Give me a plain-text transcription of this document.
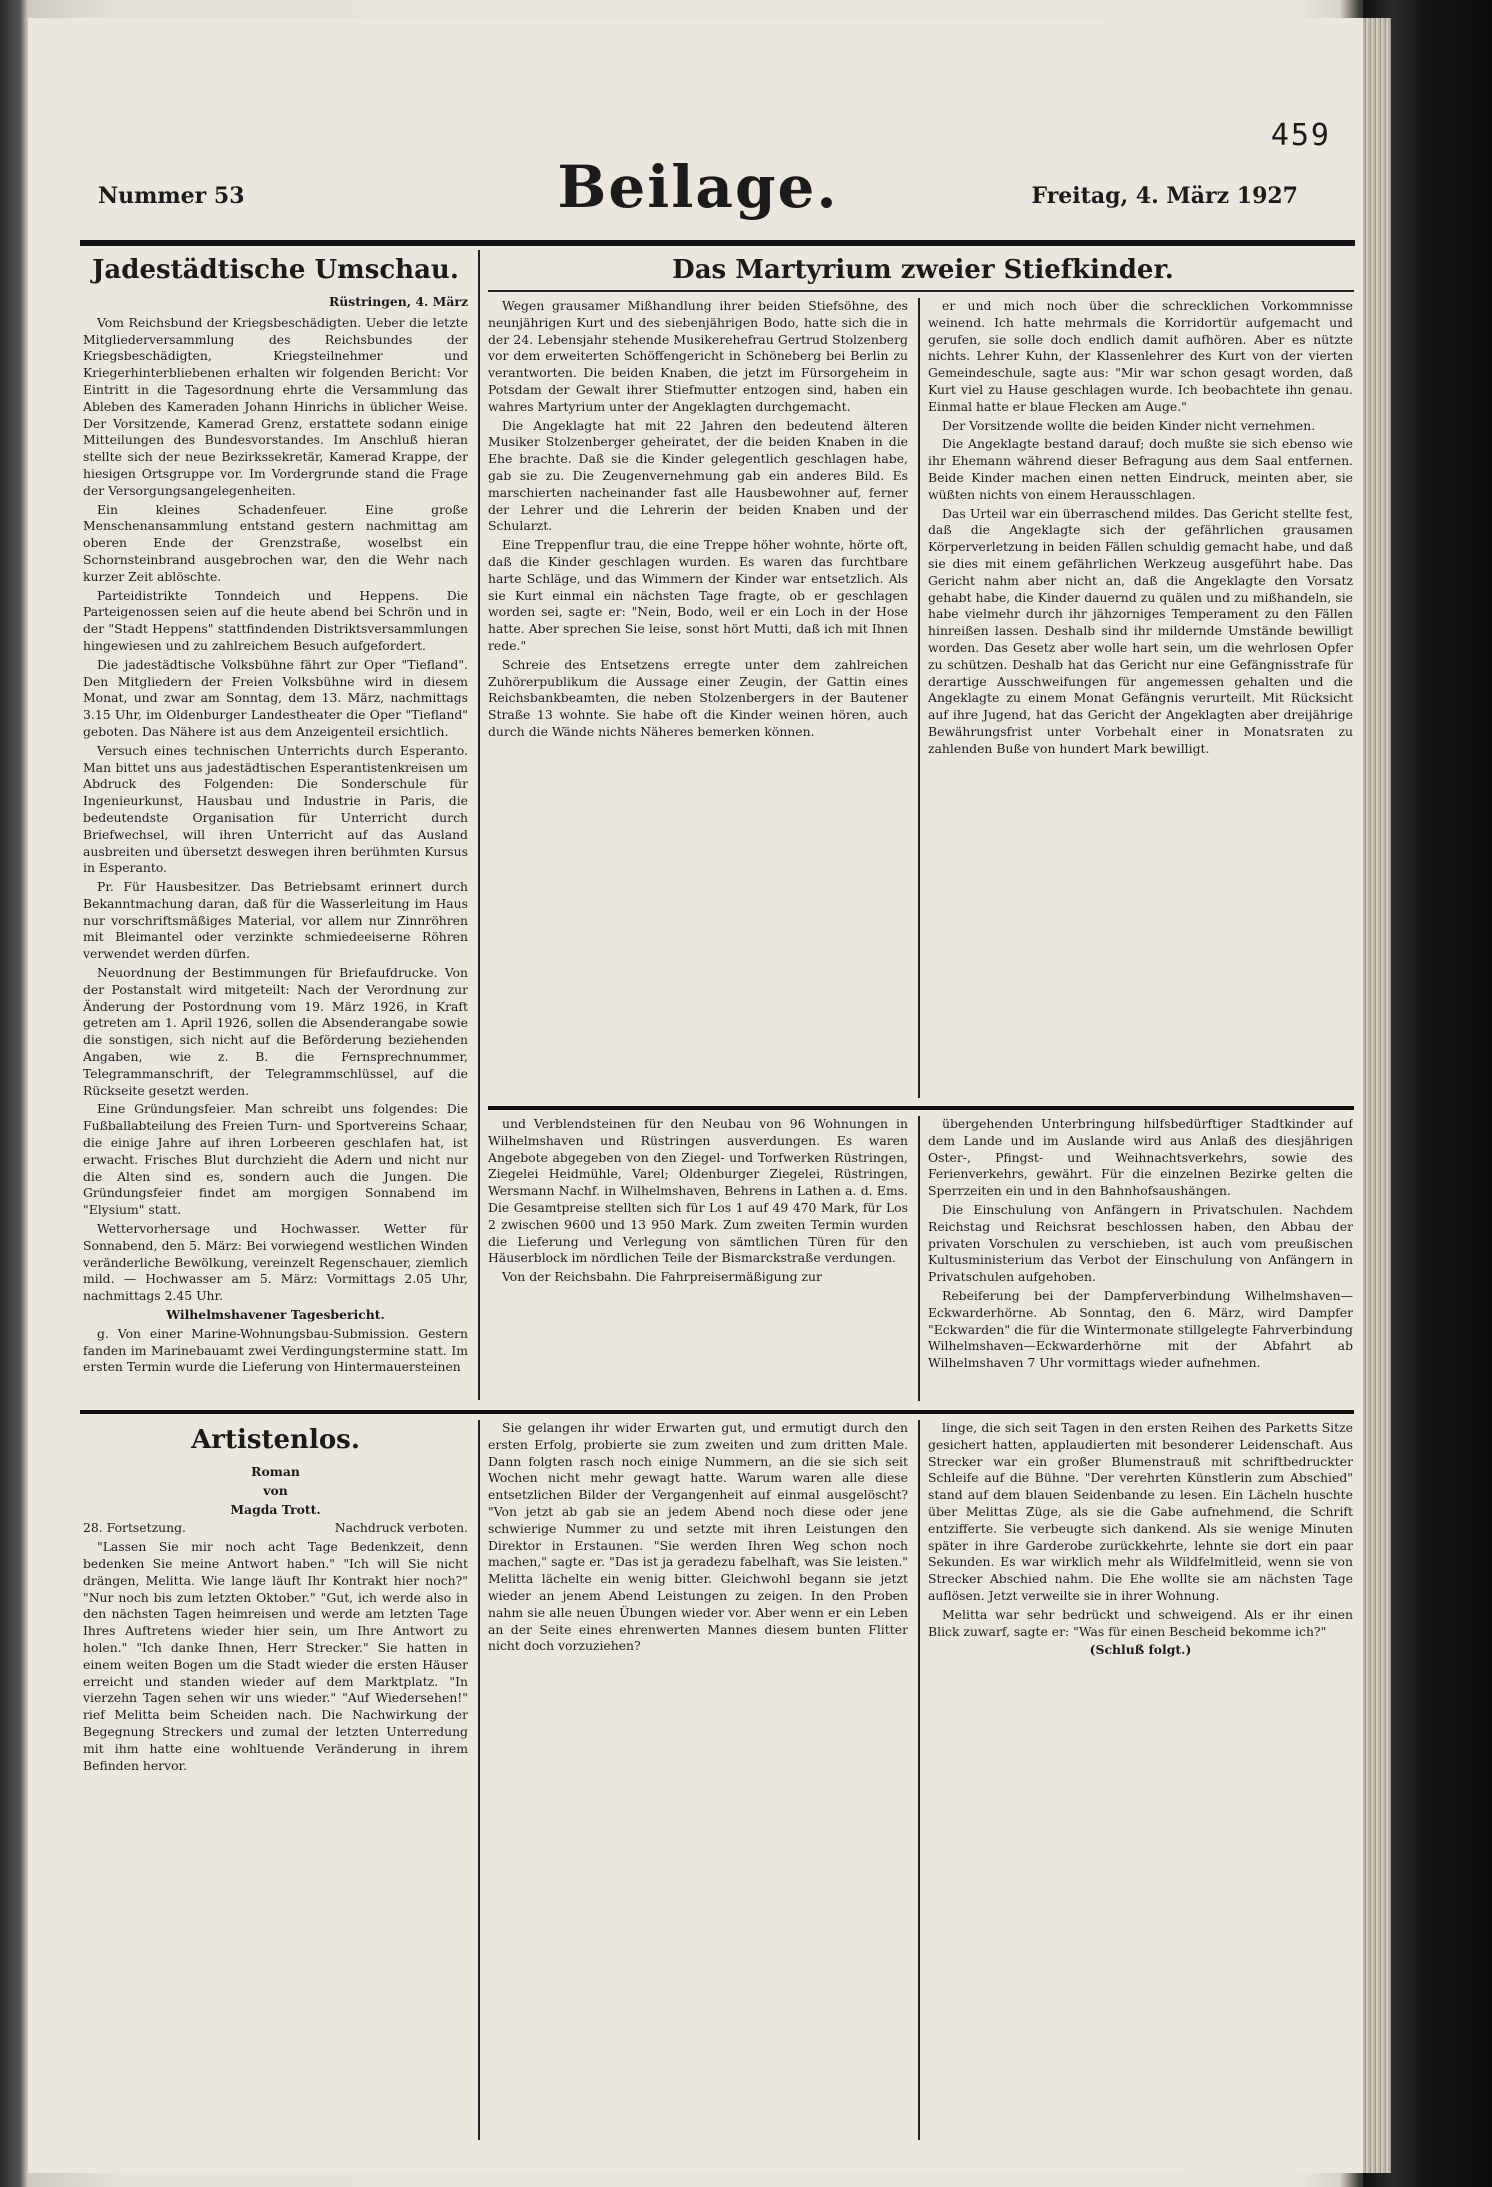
459
Nummer 53	Beilage.	Freitag, 4. März 1927

Jadestädtische Umschau.

Rüstringen, 4. März

Vom Reichsbund der Kriegsbeschädigten. Ueber die letzte Mitgliederversammlung des Reichsbundes der Kriegsbeschädigten, Kriegsteilnehmer und Kriegerhinterbliebenen erhalten wir folgenden Bericht: Vor Eintritt in die Tagesordnung ehrte die Versammlung das Ableben des Kameraden Johann Hinrichs in üblicher Weise. Der Vorsitzende, Kamerad Grenz, erstattete sodann einige Mitteilungen des Bundesvorstandes. Im Anschluß hieran stellte sich der neue Bezirkssekretär, Kamerad Krappe, der hiesigen Ortsgruppe vor. Im Vordergrunde stand die Frage der Versorgungsangelegenheiten.

Ein kleines Schadenfeuer. Eine große Menschenansammlung entstand gestern nachmittag am oberen Ende der Grenzstraße, woselbst ein Schornsteinbrand ausgebrochen war, den die Wehr nach kurzer Zeit ablöschte.

Parteidistrikte Tonndeich und Heppens. Die Parteigenossen seien auf die heute abend bei Schrön und in der "Stadt Heppens" stattfindenden Distriktsversammlungen hingewiesen und zu zahlreichem Besuch aufgefordert.

Die jadestädtische Volksbühne fährt zur Oper "Tiefland". Den Mitgliedern der Freien Volksbühne wird in diesem Monat, und zwar am Sonntag, dem 13. März, nachmittags 3.15 Uhr, im Oldenburger Landestheater die Oper "Tiefland" geboten. Das Nähere ist aus dem Anzeigenteil ersichtlich.

Versuch eines technischen Unterrichts durch Esperanto. Man bittet uns aus jadestädtischen Esperantistenkreisen um Abdruck des Folgenden: Die Sonderschule für Ingenieurkunst, Hausbau und Industrie in Paris, die bedeutendste Organisation für Unterricht durch Briefwechsel, will ihren Unterricht auf das Ausland ausbreiten und übersetzt deswegen ihren berühmten Kursus in Esperanto.

Pr. Für Hausbesitzer. Das Betriebsamt erinnert durch Bekanntmachung daran, daß für die Wasserleitung im Haus nur vorschriftsmäßiges Material, vor allem nur Zinnröhren mit Bleimantel oder verzinkte schmiedeeiserne Röhren verwendet werden dürfen.

Neuordnung der Bestimmungen für Briefaufdrucke. Von der Postanstalt wird mitgeteilt: Nach der Verordnung zur Änderung der Postordnung vom 19. März 1926, in Kraft getreten am 1. April 1926, sollen die Absenderangabe sowie die sonstigen, sich nicht auf die Beförderung beziehenden Angaben, wie z. B. die Fernsprechnummer, Telegrammanschrift, der Telegrammschlüssel, auf die Rückseite gesetzt werden.

Eine Gründungsfeier. Man schreibt uns folgendes: Die Fußballabteilung des Freien Turn- und Sportvereins Schaar, die einige Jahre auf ihren Lorbeeren geschlafen hat, ist erwacht. Frisches Blut durchzieht die Adern und nicht nur die Alten sind es, sondern auch die Jungen. Die Gründungsfeier findet am morgigen Sonnabend im "Elysium" statt.

Wettervorhersage und Hochwasser. Wetter für Sonnabend, den 5. März: Bei vorwiegend westlichen Winden veränderliche Bewölkung, vereinzelt Regenschauer, ziemlich mild. — Hochwasser am 5. März: Vormittags 2.05 Uhr, nachmittags 2.45 Uhr.

Wilhelmshavener Tagesbericht.

g. Von einer Marine-Wohnungsbau-Submission. Gestern fanden im Marinebauamt zwei Verdingungstermine statt. Im ersten Termin wurde die Lieferung von Hintermauersteinen

Das Martyrium zweier Stiefkinder.

Wegen grausamer Mißhandlung ihrer beiden Stiefsöhne, des neunjährigen Kurt und des siebenjährigen Bodo, hatte sich die in der 24. Lebensjahr stehende Musikerehefrau Gertrud Stolzenberg vor dem erweiterten Schöffengericht in Schöneberg bei Berlin zu verantworten. Die beiden Knaben, die jetzt im Fürsorgeheim in Potsdam der Gewalt ihrer Stiefmutter entzogen sind, haben ein wahres Martyrium unter der Angeklagten durchgemacht.

Die Angeklagte hat mit 22 Jahren den bedeutend älteren Musiker Stolzenberger geheiratet, der die beiden Knaben in die Ehe brachte. Daß sie die Kinder gelegentlich geschlagen habe, gab sie zu. Die Zeugenvernehmung gab ein anderes Bild. Es marschierten nacheinander fast alle Hausbewohner auf, ferner der Lehrer und die Lehrerin der beiden Knaben und der Schularzt.

Eine Treppenflur trau, die eine Treppe höher wohnte, hörte oft, daß die Kinder geschlagen wurden. Es waren das furchtbare harte Schläge, und das Wimmern der Kinder war entsetzlich. Als sie Kurt einmal ein nächsten Tage fragte, ob er geschlagen worden sei, sagte er: "Nein, Bodo, weil er ein Loch in der Hose hatte. Aber sprechen Sie leise, sonst hört Mutti, daß ich mit Ihnen rede."

Schreie des Entsetzens erregte unter dem zahlreichen Zuhörerpublikum die Aussage einer Zeugin, der Gattin eines Reichsbankbeamten, die neben Stolzenbergers in der Bautener Straße 13 wohnte. Sie habe oft die Kinder weinen hören, auch durch die Wände nichts Näheres bemerken können.

er und mich noch über die schrecklichen Vorkommnisse weinend. Ich hatte mehrmals die Korridortür aufgemacht und gerufen, sie solle doch endlich damit aufhören. Aber es nützte nichts. Lehrer Kuhn, der Klassenlehrer des Kurt von der vierten Gemeindeschule, sagte aus: "Mir war schon gesagt worden, daß Kurt viel zu Hause geschlagen wurde. Ich beobachtete ihn genau. Einmal hatte er blaue Flecken am Auge."

Der Vorsitzende wollte die beiden Kinder nicht vernehmen.

Die Angeklagte bestand darauf; doch mußte sie sich ebenso wie ihr Ehemann während dieser Befragung aus dem Saal entfernen. Beide Kinder machen einen netten Eindruck, meinten aber, sie wüßten nichts von einem Herausschlagen.

Das Urteil war ein überraschend mildes. Das Gericht stellte fest, daß die Angeklagte sich der gefährlichen grausamen Körperverletzung in beiden Fällen schuldig gemacht habe, und daß sie dies mit einem gefährlichen Werkzeug ausgeführt habe. Das Gericht nahm aber nicht an, daß die Angeklagte den Vorsatz gehabt habe, die Kinder dauernd zu quälen und zu mißhandeln, sie habe vielmehr durch ihr jähzorniges Temperament zu den Fällen hinreißen lassen. Deshalb sind ihr mildernde Umstände bewilligt worden. Das Gesetz aber wolle hart sein, um die wehrlosen Opfer zu schützen. Deshalb hat das Gericht nur eine Gefängnisstrafe für derartige Ausschweifungen für angemessen gehalten und die Angeklagte zu einem Monat Gefängnis verurteilt. Mit Rücksicht auf ihre Jugend, hat das Gericht der Angeklagten aber dreijährige Bewährungsfrist unter Vorbehalt einer in Monatsraten zu zahlenden Buße von hundert Mark bewilligt.

und Verblendsteinen für den Neubau von 96 Wohnungen in Wilhelmshaven und Rüstringen ausverdungen. Es waren Angebote abgegeben von den Ziegel- und Torfwerken Rüstringen, Ziegelei Heidmühle, Varel; Oldenburger Ziegelei, Rüstringen, Wersmann Nachf. in Wilhelmshaven, Behrens in Lathen a. d. Ems. Die Gesamtpreise stellten sich für Los 1 auf 49 470 Mark, für Los 2 zwischen 9600 und 13 950 Mark. Zum zweiten Termin wurden die Lieferung und Verlegung von sämtlichen Türen für den Häuserblock im nördlichen Teile der Bismarckstraße verdungen.

Von der Reichsbahn. Die Fahrpreisermäßigung zur

übergehenden Unterbringung hilfsbedürftiger Stadtkinder auf dem Lande und im Auslande wird aus Anlaß des diesjährigen Oster-, Pfingst- und Weihnachtsverkehrs, sowie des Ferienverkehrs, gewährt. Für die einzelnen Bezirke gelten die Sperrzeiten ein und in den Bahnhofsaushängen.

Die Einschulung von Anfängern in Privatschulen. Nachdem Reichstag und Reichsrat beschlossen haben, den Abbau der privaten Vorschulen zu verschieben, ist auch vom preußischen Kultusministerium das Verbot der Einschulung von Anfängern in Privatschulen aufgehoben.

Rebeiferung bei der Dampferverbindung Wilhelmshaven—Eckwarderhörne. Ab Sonntag, den 6. März, wird Dampfer "Eckwarden" die für die Wintermonate stillgelegte Fahrverbindung Wilhelmshaven—Eckwarderhörne mit der Abfahrt ab Wilhelmshaven 7 Uhr vormittags wieder aufnehmen.

Artistenlos.

Roman

von

Magda Trott.

28. Fortsetzung.	Nachdruck verboten.

"Lassen Sie mir noch acht Tage Bedenkzeit, denn bedenken Sie meine Antwort haben." "Ich will Sie nicht drängen, Melitta. Wie lange läuft Ihr Kontrakt hier noch?" "Nur noch bis zum letzten Oktober." "Gut, ich werde also in den nächsten Tagen heimreisen und werde am letzten Tage Ihres Auftretens wieder hier sein, um Ihre Antwort zu holen." "Ich danke Ihnen, Herr Strecker." Sie hatten in einem weiten Bogen um die Stadt wieder die ersten Häuser erreicht und standen wieder auf dem Marktplatz. "In vierzehn Tagen sehen wir uns wieder." "Auf Wiedersehen!" rief Melitta beim Scheiden nach. Die Nachwirkung der Begegnung Streckers und zumal der letzten Unterredung mit ihm hatte eine wohltuende Veränderung in ihrem Befinden hervor.

Sie gelangen ihr wider Erwarten gut, und ermutigt durch den ersten Erfolg, probierte sie zum zweiten und zum dritten Male. Dann folgten rasch noch einige Nummern, an die sie sich seit Wochen nicht mehr gewagt hatte. Warum waren alle diese entsetzlichen Bilder der Vergangenheit auf einmal ausgelöscht? "Von jetzt ab gab sie an jedem Abend noch diese oder jene schwierige Nummer zu und setzte mit ihren Leistungen den Direktor in Erstaunen. "Sie werden Ihren Weg schon noch machen," sagte er. "Das ist ja geradezu fabelhaft, was Sie leisten." Melitta lächelte ein wenig bitter. Gleichwohl begann sie jetzt wieder an jenem Abend Leistungen zu zeigen. In den Proben nahm sie alle neuen Übungen wieder vor. Aber wenn er ein Leben an der Seite eines ehrenwerten Mannes diesem bunten Flitter nicht doch vorzuziehen?

linge, die sich seit Tagen in den ersten Reihen des Parketts Sitze gesichert hatten, applaudierten mit besonderer Leidenschaft. Aus Strecker war ein großer Blumenstrauß mit schriftbedruckter Schleife auf die Bühne. "Der verehrten Künstlerin zum Abschied" stand auf dem blauen Seidenbande zu lesen. Ein Lächeln huschte über Melittas Züge, als sie die Gabe aufnehmend, die Schrift entzifferte. Sie verbeugte sich dankend. Als sie wenige Minuten später in ihre Garderobe zurückkehrte, lehnte sie dort ein paar Sekunden. Es war wirklich mehr als Wildfelmitleid, wenn sie von Strecker Abschied nahm. Die Ehe wollte sie am nächsten Tage auflösen. Jetzt verweilte sie in ihrer Wohnung.

Melitta war sehr bedrückt und schweigend. Als er ihr einen Blick zuwarf, sagte er: "Was für einen Bescheid bekomme ich?"

(Schluß folgt.)
